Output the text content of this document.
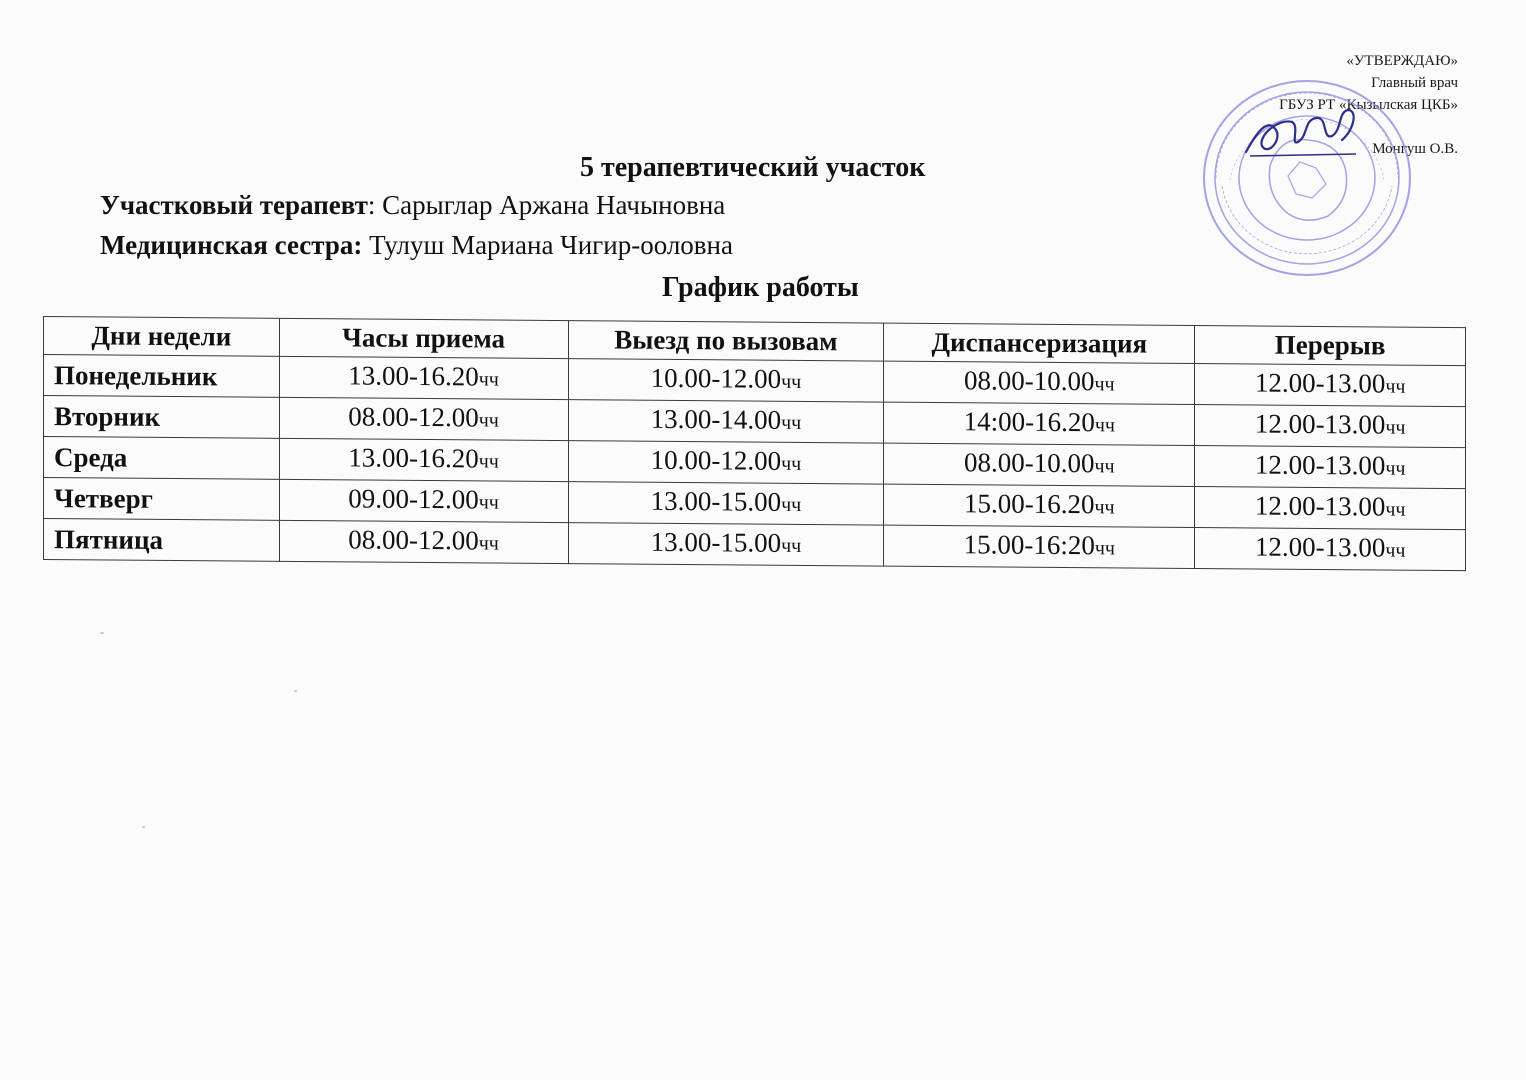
«УТВЕРЖДАЮ»
Главный врач
ГБУЗ РТ «Кызылская ЦКБ»
Монгуш О.В.
5 терапевтический участок
Участковый терапевт: Сарыглар Аржана Начыновна
Медицинская сестра: Тулуш Мариана Чигир-ооловна
График работы
Дни недели	Часы приема	Выезд по вызовам	Диспансеризация	Перерыв
Понедельник	13.00-16.20чч	10.00-12.00чч	08.00-10.00чч	12.00-13.00чч
Вторник	08.00-12.00чч	13.00-14.00чч	14:00-16.20чч	12.00-13.00чч
Среда	13.00-16.20чч	10.00-12.00чч	08.00-10.00чч	12.00-13.00чч
Четверг	09.00-12.00чч	13.00-15.00чч	15.00-16.20чч	12.00-13.00чч
Пятница	08.00-12.00чч	13.00-15.00чч	15.00-16:20чч	12.00-13.00чч
